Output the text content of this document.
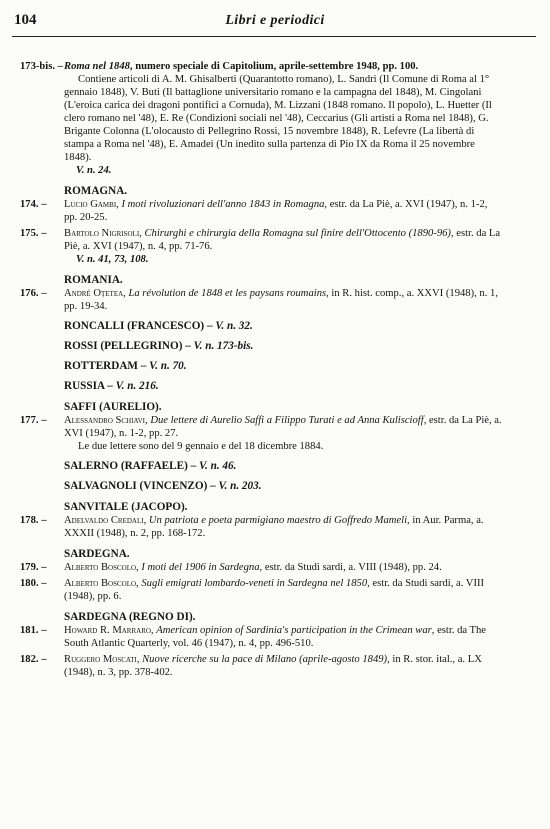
104	Libri e periodici
173-bis. – Roma nel 1848, numero speciale di Capitolium, aprile-settembre 1948, pp. 100.
Contiene articoli di A. M. Ghisalberti (Quarantotto romano), L. Sandri (Il Comune di Roma al 1° gennaio 1848), V. Buti (Il battaglione universitario romano e la campagna del 1848), M. Cingolani (L'eroica carica dei dragoni pontifici a Cornuda), M. Lizzani (1848 romano. Il popolo), L. Huetter (Il clero romano nel '48), E. Re (Condizioni sociali nel '48), Ceccarius (Gli artisti a Roma nel 1848), G. Brigante Colonna (L'olocausto di Pellegrino Rossi, 15 novembre 1848), R. Lefevre (La libertà di stampa a Roma nel '48), E. Amadei (Un inedito sulla partenza di Pio IX da Roma il 25 novembre 1848).
V. n. 24.
ROMAGNA.
174. –	Lucio Gambi, I moti rivoluzionari dell'anno 1843 in Romagna, estr. da La Piè, a. XVI (1947), n. 1-2, pp. 20-25.
175. –	Bartolo Nigrisoli, Chirurghi e chirurgia della Romagna sul finire dell'Ottocento (1890-96), estr. da La Piè, a. XVI (1947), n. 4, pp. 71-76.
V. n. 41, 73, 108.
ROMANIA.
176. –	André Oțetea, La révolution de 1848 et les paysans roumains, in R. hist. comp., a. XXVI (1948), n. 1, pp. 19-34.
RONCALLI (FRANCESCO) – V. n. 32.
ROSSI (PELLEGRINO) – V. n. 173-bis.
ROTTERDAM – V. n. 70.
RUSSIA – V. n. 216.
SAFFI (AURELIO).
177. –	Alessandro Schiavi, Due lettere di Aurelio Saffi a Filippo Turati e ad Anna Kuliscioff, estr. da La Piè, a. XVI (1947), n. 1-2, pp. 27.
Le due lettere sono del 9 gennaio e del 18 dicembre 1884.
SALERNO (RAFFAELE) – V. n. 46.
SALVAGNOLI (VINCENZO) – V. n. 203.
SANVITALE (JACOPO).
178. –	Adelvaldo Credali, Un patriota e poeta parmigiano maestro di Goffredo Mameli, in Aur. Parma, a. XXXII (1948), n. 2, pp. 168-172.
SARDEGNA.
179. –	Alberto Boscolo, I moti del 1906 in Sardegna, estr. da Studi sardi, a. VIII (1948), pp. 24.
180. –	Alberto Boscolo, Sugli emigrati lombardo-veneti in Sardegna nel 1850, estr. da Studi sardi, a. VIII (1948), pp. 6.
SARDEGNA (REGNO DI).
181. –	Howard R. Marraro, American opinion of Sardinia's participation in the Crimean war, estr. da The South Atlantic Quarterly, vol. 46 (1947), n. 4, pp. 496-510.
182. –	Ruggero Moscati, Nuove ricerche su la pace di Milano (aprile-agosto 1849), in R. stor. ital., a. LX (1948), n. 3, pp. 378-402.
